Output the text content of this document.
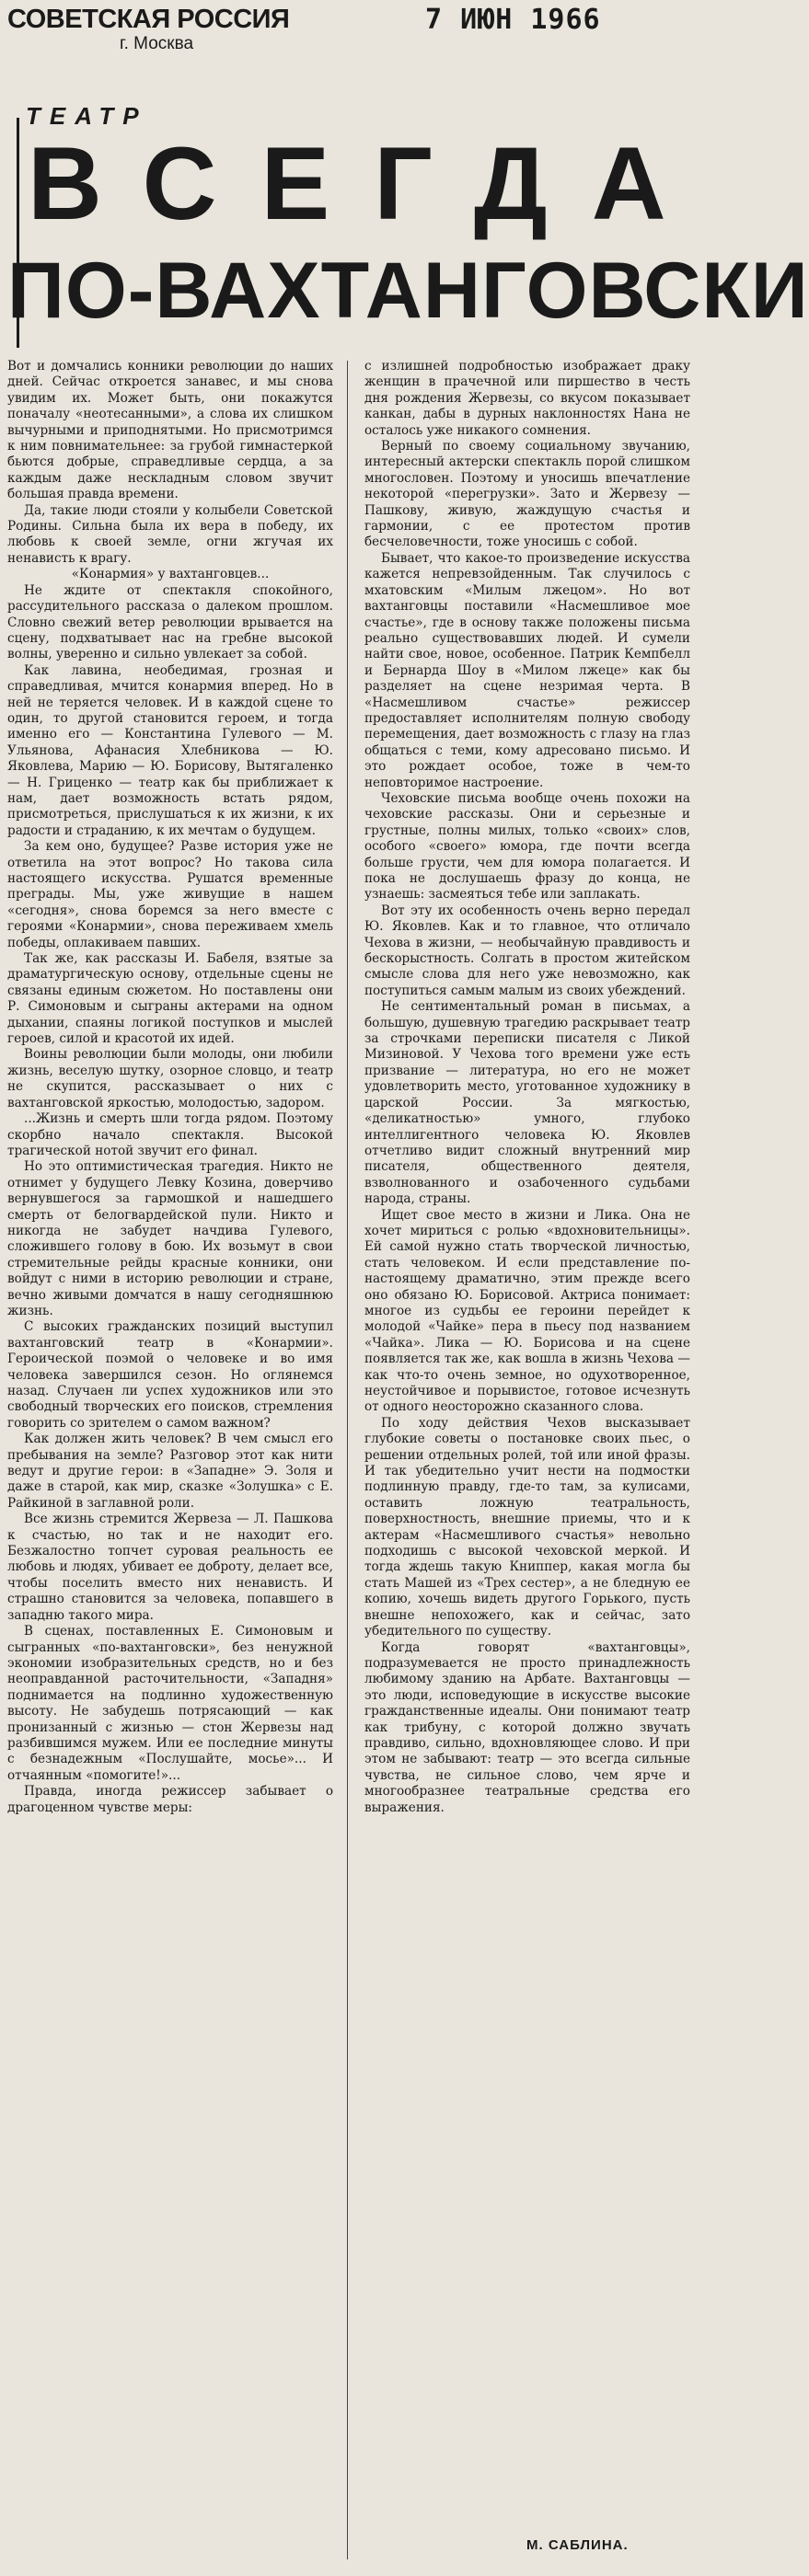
СОВЕТСКАЯ РОССИЯ
г. Москва
7 ИЮН 1966
ТЕАТР
ВСЕГДА
ПО-ВАХТАНГОВСКИ

Вот и домчались конники революции до наших дней. Сейчас откроется занавес, и мы снова увидим их. Может быть, они покажутся поначалу «неотесанными», а слова их слишком вычурными и приподнятыми. Но присмотримся к ним повнимательнее: за грубой гимнастеркой бьются добрые, справедливые сердца, а за каждым даже нескладным словом звучит большая правда времени.

Да, такие люди стояли у колыбели Советской Родины. Сильна была их вера в победу, их любовь к своей земле, огни жгучая их ненависть к врагу.

«Конармия» у вахтанговцев...

Не ждите от спектакля спокойного, рассудительного рассказа о далеком прошлом. Словно свежий ветер революции врывается на сцену, подхватывает нас на гребне высокой волны, уверенно и сильно увлекает за собой.

Как лавина, необедимая, грозная и справедливая, мчится конармия вперед. Но в ней не теряется человек. И в каждой сцене то один, то другой становится героем, и тогда именно его — Константина Гулевого — М. Ульянова, Афанасия Хлебникова — Ю. Яковлева, Марию — Ю. Борисову, Вытягаленко — Н. Гриценко — театр как бы приближает к нам, дает возможность встать рядом, присмотреться, прислушаться к их жизни, к их радости и страданию, к их мечтам о будущем.

За кем оно, будущее? Разве история уже не ответила на этот вопрос? Но такова сила настоящего искусства. Рушатся временные преграды. Мы, уже живущие в нашем «сегодня», снова боремся за него вместе с героями «Конармии», снова переживаем хмель победы, оплакиваем павших.

Так же, как рассказы И. Бабеля, взятые за драматургическую основу, отдельные сцены не связаны единым сюжетом. Но поставлены они Р. Симоновым и сыграны актерами на одном дыхании, спаяны логикой поступков и мыслей героев, силой и красотой их идей.

Воины революции были молоды, они любили жизнь, веселую шутку, озорное словцо, и театр не скупится, рассказывает о них с вахтанговской яркостью, молодостью, задором.

...Жизнь и смерть шли тогда рядом. Поэтому скорбно начало спектакля. Высокой трагической нотой звучит его финал.

Но это оптимистическая трагедия. Никто не отнимет у будущего Левку Козина, доверчиво вернувшегося за гармошкой и нашедшего смерть от белогвардейской пули. Никто и никогда не забудет начдива Гулевого, сложившего голову в бою. Их возьмут в свои стремительные рейды красные конники, они войдут с ними в историю революции и стране, вечно живыми домчатся в нашу сегодняшнюю жизнь.

С высоких гражданских позиций выступил вахтанговский театр в «Конармии». Героической поэмой о человеке и во имя человека завершился сезон. Но оглянемся назад. Случаен ли успех художников или это свободный творческих его поисков, стремления говорить со зрителем о самом важном?

Как должен жить человек? В чем смысл его пребывания на земле? Разговор этот как нити ведут и другие герои: в «Западне» Э. Золя и даже в старой, как мир, сказке «Золушка» с Е. Райкиной в заглавной роли.

Все жизнь стремится Жервеза — Л. Пашкова к счастью, но так и не находит его. Безжалостно топчет суровая реальность ее любовь и людях, убивает ее доброту, делает все, чтобы поселить вместо них ненависть. И страшно становится за человека, попавшего в западню такого мира.

В сценах, поставленных Е. Симоновым и сыгранных «по-вахтанговски», без ненужной экономии изобразительных средств, но и без неоправданной расточительности, «Западня» поднимается на подлинно художественную высоту. Не забудешь потрясающий — как пронизанный с жизнью — стон Жервезы над разбившимся мужем. Или ее последние минуты с безнадежным «Послушайте, мосье»... И отчаянным «помогите!»...

Правда, иногда режиссер забывает о драгоценном чувстве меры:

с излишней подробностью изображает драку женщин в прачечной или пиршество в честь дня рождения Жервезы, со вкусом показывает канкан, дабы в дурных наклонностях Нана не осталось уже никакого сомнения.

Верный по своему социальному звучанию, интересный актерски спектакль порой слишком многословен. Поэтому и уносишь впечатление некоторой «перегрузки». Зато и Жервезу — Пашкову, живую, жаждущую счастья и гармонии, с ее протестом против бесчеловечности, тоже уносишь с собой.

Бывает, что какое-то произведение искусства кажется непревзойденным. Так случилось с мхатовским «Милым лжецом». Но вот вахтанговцы поставили «Насмешливое мое счастье», где в основу также положены письма реально существовавших людей. И сумели найти свое, новое, особенное. Патрик Кемпбелл и Бернарда Шоу в «Милом лжеце» как бы разделяет на сцене незримая черта. В «Насмешливом счастье» режиссер предоставляет исполнителям полную свободу перемещения, дает возможность с глазу на глаз общаться с теми, кому адресовано письмо. И это рождает особое, тоже в чем-то неповторимое настроение.

Чеховские письма вообще очень похожи на чеховские рассказы. Они и серьезные и грустные, полны милых, только «своих» слов, особого «своего» юмора, где почти всегда больше грусти, чем для юмора полагается. И пока не дослушаешь фразу до конца, не узнаешь: засмеяться тебе или заплакать.

Вот эту их особенность очень верно передал Ю. Яковлев. Как и то главное, что отличало Чехова в жизни, — необычайную правдивость и бескорыстность. Солгать в простом житейском смысле слова для него уже невозможно, как поступиться самым малым из своих убеждений.

Не сентиментальный роман в письмах, а большую, душевную трагедию раскрывает театр за строчками переписки писателя с Ликой Мизиновой. У Чехова того времени уже есть призвание — литература, но его не может удовлетворить место, уготованное художнику в царской России. За мягкостью, «деликатностью» умного, глубоко интеллигентного человека Ю. Яковлев отчетливо видит сложный внутренний мир писателя, общественного деятеля, взволнованного и озабоченного судьбами народа, страны.

Ищет свое место в жизни и Лика. Она не хочет мириться с ролью «вдохновительницы». Ей самой нужно стать творческой личностью, стать человеком. И если представление по-настоящему драматично, этим прежде всего оно обязано Ю. Борисовой. Актриса понимает: многое из судьбы ее героини перейдет к молодой «Чайке» пера в пьесу под названием «Чайка». Лика — Ю. Борисова и на сцене появляется так же, как вошла в жизнь Чехова — как что-то очень земное, но одухотворенное, неустойчивое и порывистое, готовое исчезнуть от одного неосторожно сказанного слова.

По ходу действия Чехов высказывает глубокие советы о постановке своих пьес, о решении отдельных ролей, той или иной фразы. И так убедительно учит нести на подмостки подлинную правду, где-то там, за кулисами, оставить ложную театральность, поверхностность, внешние приемы, что и к актерам «Насмешливого счастья» невольно подходишь с высокой чеховской меркой. И тогда ждешь такую Книппер, какая могла бы стать Машей из «Трех сестер», а не бледную ее копию, хочешь видеть другого Горького, пусть внешне непохожего, как и сейчас, зато убедительного по существу.

Когда говорят «вахтанговцы», подразумевается не просто принадлежность любимому зданию на Арбате. Вахтанговцы — это люди, исповедующие в искусстве высокие гражданственные идеалы. Они понимают театр как трибуну, с которой должно звучать правдиво, сильно, вдохновляющее слово. И при этом не забывают: театр — это всегда сильные чувства, не сильное слово, чем ярче и многообразнее театральные средства его выражения.

М. САБЛИНА.
